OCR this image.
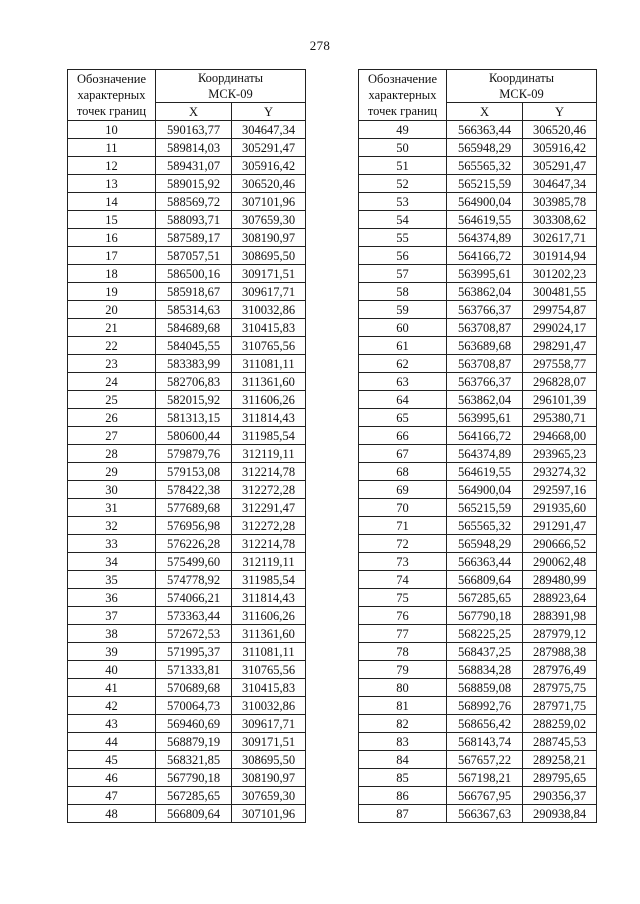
278
Обозначение
характерных
точек границ	Координаты
МСК-09	
	X	Y
10	590163,77	304647,34
11	589814,03	305291,47
12	589431,07	305916,42
13	589015,92	306520,46
14	588569,72	307101,96
15	588093,71	307659,30
16	587589,17	308190,97
17	587057,51	308695,50
18	586500,16	309171,51
19	585918,67	309617,71
20	585314,63	310032,86
21	584689,68	310415,83
22	584045,55	310765,56
23	583383,99	311081,11
24	582706,83	311361,60
25	582015,92	311606,26
26	581313,15	311814,43
27	580600,44	311985,54
28	579879,76	312119,11
29	579153,08	312214,78
30	578422,38	312272,28
31	577689,68	312291,47
32	576956,98	312272,28
33	576226,28	312214,78
34	575499,60	312119,11
35	574778,92	311985,54
36	574066,21	311814,43
37	573363,44	311606,26
38	572672,53	311361,60
39	571995,37	311081,11
40	571333,81	310765,56
41	570689,68	310415,83
42	570064,73	310032,86
43	569460,69	309617,71
44	568879,19	309171,51
45	568321,85	308695,50
46	567790,18	308190,97
47	567285,65	307659,30
48	566809,64	307101,96
Обозначение
характерных
точек границ	Координаты
МСК-09	
	X	Y
49	566363,44	306520,46
50	565948,29	305916,42
51	565565,32	305291,47
52	565215,59	304647,34
53	564900,04	303985,78
54	564619,55	303308,62
55	564374,89	302617,71
56	564166,72	301914,94
57	563995,61	301202,23
58	563862,04	300481,55
59	563766,37	299754,87
60	563708,87	299024,17
61	563689,68	298291,47
62	563708,87	297558,77
63	563766,37	296828,07
64	563862,04	296101,39
65	563995,61	295380,71
66	564166,72	294668,00
67	564374,89	293965,23
68	564619,55	293274,32
69	564900,04	292597,16
70	565215,59	291935,60
71	565565,32	291291,47
72	565948,29	290666,52
73	566363,44	290062,48
74	566809,64	289480,99
75	567285,65	288923,64
76	567790,18	288391,98
77	568225,25	287979,12
78	568437,25	287988,38
79	568834,28	287976,49
80	568859,08	287975,75
81	568992,76	287971,75
82	568656,42	288259,02
83	568143,74	288745,53
84	567657,22	289258,21
85	567198,21	289795,65
86	566767,95	290356,37
87	566367,63	290938,84
